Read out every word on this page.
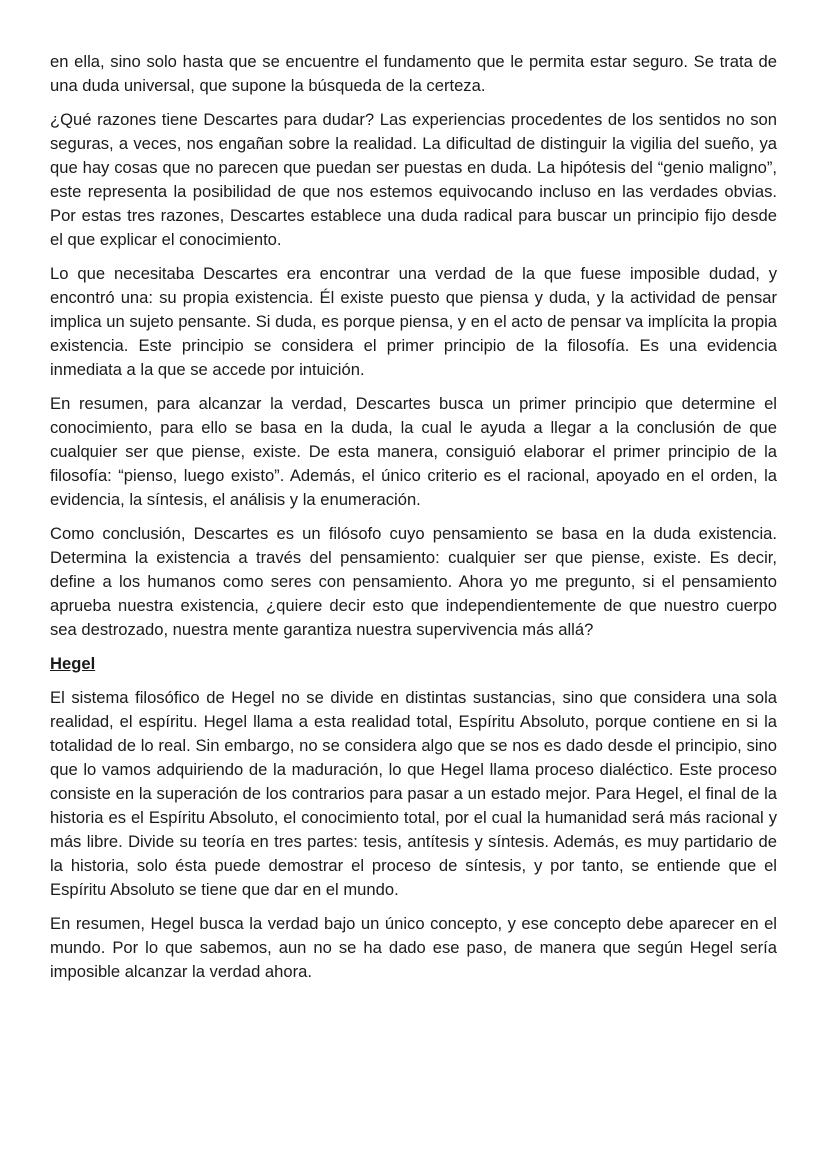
en ella, sino solo hasta que se encuentre el fundamento que le permita estar seguro. Se trata de una duda universal, que supone la búsqueda de la certeza.

¿Qué razones tiene Descartes para dudar? Las experiencias procedentes de los sentidos no son seguras, a veces, nos engañan sobre la realidad. La dificultad de distinguir la vigilia del sueño, ya que hay cosas que no parecen que puedan ser puestas en duda. La hipótesis del “genio maligno”, este representa la posibilidad de que nos estemos equivocando incluso en las verdades obvias. Por estas tres razones, Descartes establece una duda radical para buscar un principio fijo desde el que explicar el conocimiento.

Lo que necesitaba Descartes era encontrar una verdad de la que fuese imposible dudad, y encontró una: su propia existencia. Él existe puesto que piensa y duda, y la actividad de pensar implica un sujeto pensante. Si duda, es porque piensa, y en el acto de pensar va implícita la propia existencia. Este principio se considera el primer principio de la filosofía. Es una evidencia inmediata a la que se accede por intuición.

En resumen, para alcanzar la verdad, Descartes busca un primer principio que determine el conocimiento, para ello se basa en la duda, la cual le ayuda a llegar a la conclusión de que cualquier ser que piense, existe. De esta manera, consiguió elaborar el primer principio de la filosofía: “pienso, luego existo”. Además, el único criterio es el racional, apoyado en el orden, la evidencia, la síntesis, el análisis y la enumeración.

Como conclusión, Descartes es un filósofo cuyo pensamiento se basa en la duda existencia. Determina la existencia a través del pensamiento: cualquier ser que piense, existe. Es decir, define a los humanos como seres con pensamiento. Ahora yo me pregunto, si el pensamiento aprueba nuestra existencia, ¿quiere decir esto que independientemente de que nuestro cuerpo sea destrozado, nuestra mente garantiza nuestra supervivencia más allá?

Hegel

El sistema filosófico de Hegel no se divide en distintas sustancias, sino que considera una sola realidad, el espíritu. Hegel llama a esta realidad total, Espíritu Absoluto, porque contiene en si la totalidad de lo real. Sin embargo, no se considera algo que se nos es dado desde el principio, sino que lo vamos adquiriendo de la maduración, lo que Hegel llama proceso dialéctico. Este proceso consiste en la superación de los contrarios para pasar a un estado mejor. Para Hegel, el final de la historia es el Espíritu Absoluto, el conocimiento total, por el cual la humanidad será más racional y más libre. Divide su teoría en tres partes: tesis, antítesis y síntesis. Además, es muy partidario de la historia, solo ésta puede demostrar el proceso de síntesis, y por tanto, se entiende que el Espíritu Absoluto se tiene que dar en el mundo.

En resumen, Hegel busca la verdad bajo un único concepto, y ese concepto debe aparecer en el mundo. Por lo que sabemos, aun no se ha dado ese paso, de manera que según Hegel sería imposible alcanzar la verdad ahora.
